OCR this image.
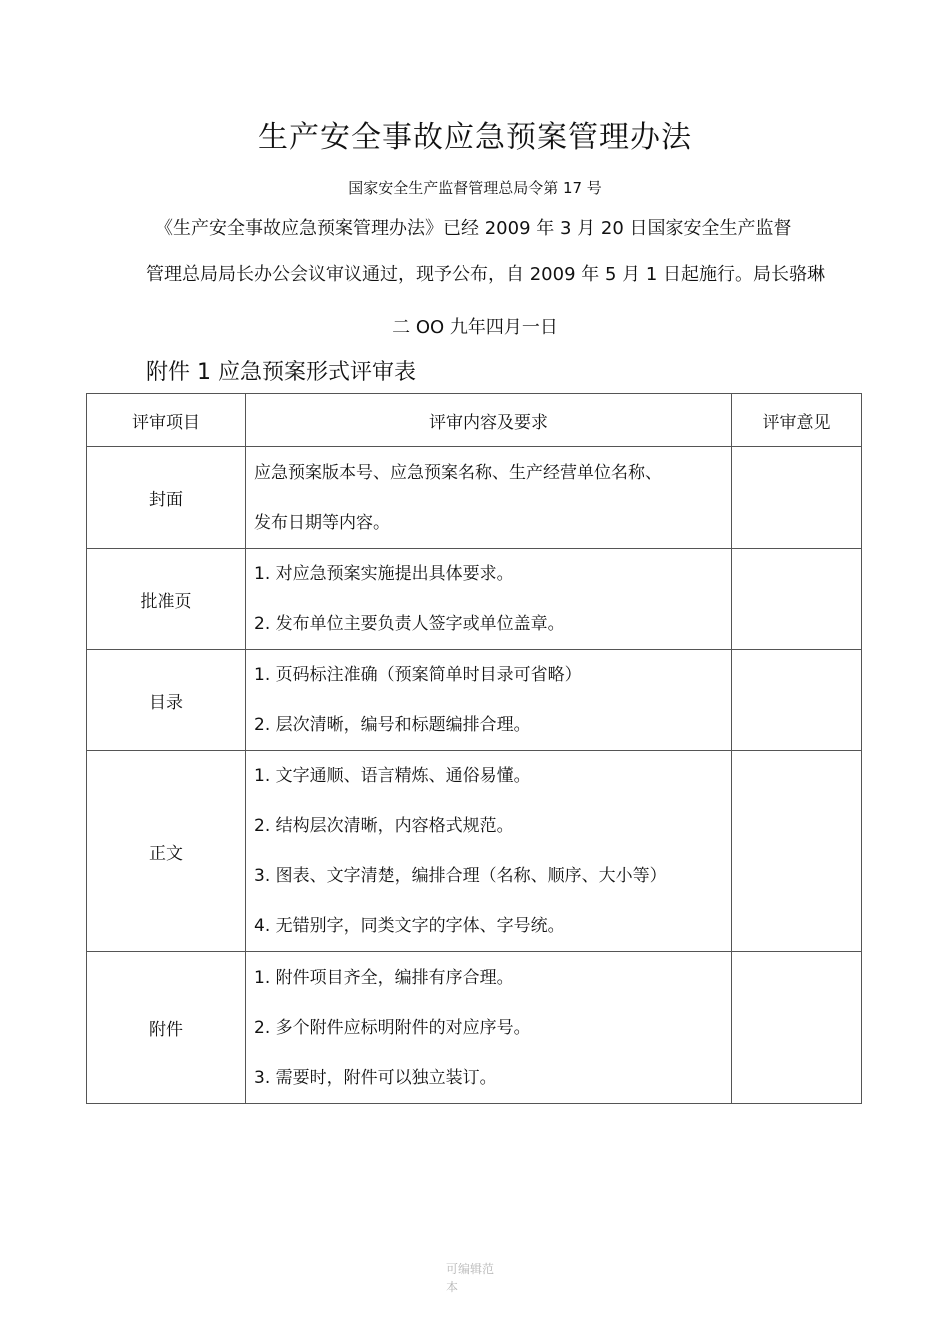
生产安全事故应急预案管理办法
国家安全生产监督管理总局令第 17 号
《生产安全事故应急预案管理办法》已经 2009 年 3 月 20 日国家安全生产监督
管理总局局长办公会议审议通过，现予公布，自 2009 年 5 月 1 日起施行。局长骆琳
二 OO 九年四月一日
附件 1 应急预案形式评审表
评审项目	评审内容及要求	评审意见
封面	应急预案版本号、应急预案名称、生产经营单位名称、
发布日期等内容。	

批准页	1. 对应急预案实施提出具体要求。
2. 发布单位主要负责人签字或单位盖章。	

目录	1. 页码标注准确（预案简单时目录可省略）
2. 层次清晰，编号和标题编排合理。	

正文	1. 文字通顺、语言精炼、通俗易懂。
2. 结构层次清晰，内容格式规范。
3. 图表、文字清楚，编排合理（名称、顺序、大小等）
4. 无错别字，同类文字的字体、字号统。	

附件	1. 附件项目齐全，编排有序合理。
2. 多个附件应标明附件的对应序号。
3. 需要时，附件可以独立装订。	

可编辑范
本
